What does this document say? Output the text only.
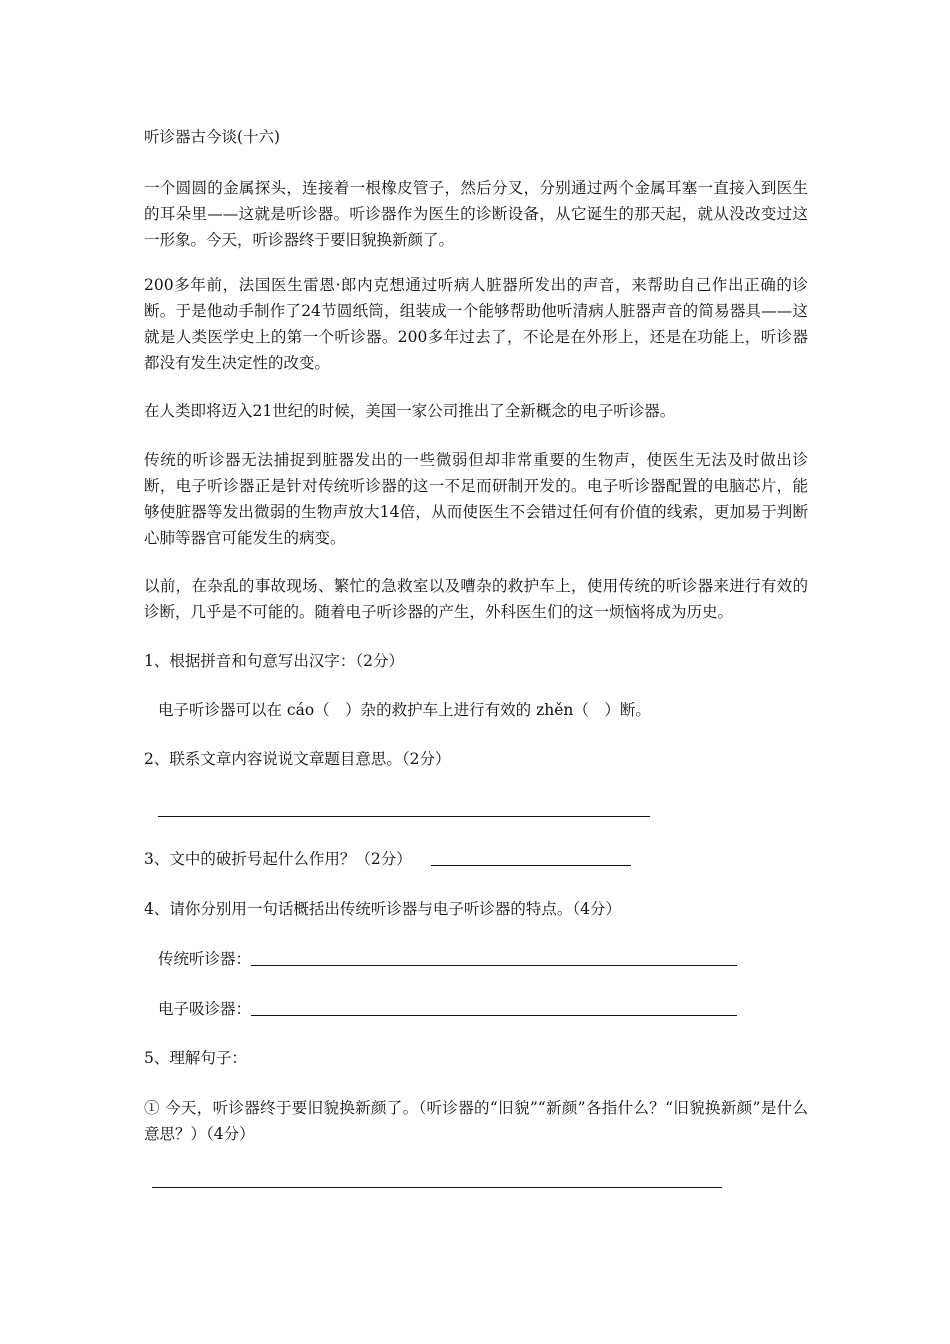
听诊器古今谈(十六)
一个圆圆的金属探头，连接着一根橡皮管子，然后分叉，分别通过两个金属耳塞一直接入到医生的耳朵里——这就是听诊器。听诊器作为医生的诊断设备，从它诞生的那天起，就从没改变过这一形象。今天，听诊器终于要旧貌换新颜了。
200多年前，法国医生雷恩·郎内克想通过听病人脏器所发出的声音，来帮助自己作出正确的诊断。于是他动手制作了24节圆纸筒，组装成一个能够帮助他听清病人脏器声音的简易器具——这就是人类医学史上的第一个听诊器。200多年过去了，不论是在外形上，还是在功能上，听诊器都没有发生决定性的改变。
在人类即将迈入21世纪的时候，美国一家公司推出了全新概念的电子听诊器。
传统的听诊器无法捕捉到脏器发出的一些微弱但却非常重要的生物声，使医生无法及时做出诊断，电子听诊器正是针对传统听诊器的这一不足而研制开发的。电子听诊器配置的电脑芯片，能够使脏器等发出微弱的生物声放大14倍，从而使医生不会错过任何有价值的线索，更加易于判断心肺等器官可能发生的病变。
以前，在杂乱的事故现场、繁忙的急救室以及嘈杂的救护车上，使用传统的听诊器来进行有效的诊断，几乎是不可能的。随着电子听诊器的产生，外科医生们的这一烦恼将成为历史。
1、根据拼音和句意写出汉字：（2分）
电子听诊器可以在 cáo（　）杂的救护车上进行有效的 zhěn（　）断。
2、联系文章内容说说文章题目意思。（2分）
3、文中的破折号起什么作用？（2分）
4、请你分别用一句话概括出传统听诊器与电子听诊器的特点。（4分）
传统听诊器：
电子吸诊器：
5、理解句子：
① 今天，听诊器终于要旧貌换新颜了。（听诊器的“旧貌”“新颜”各指什么？“旧貌换新颜”是什么意思？）（4分）
